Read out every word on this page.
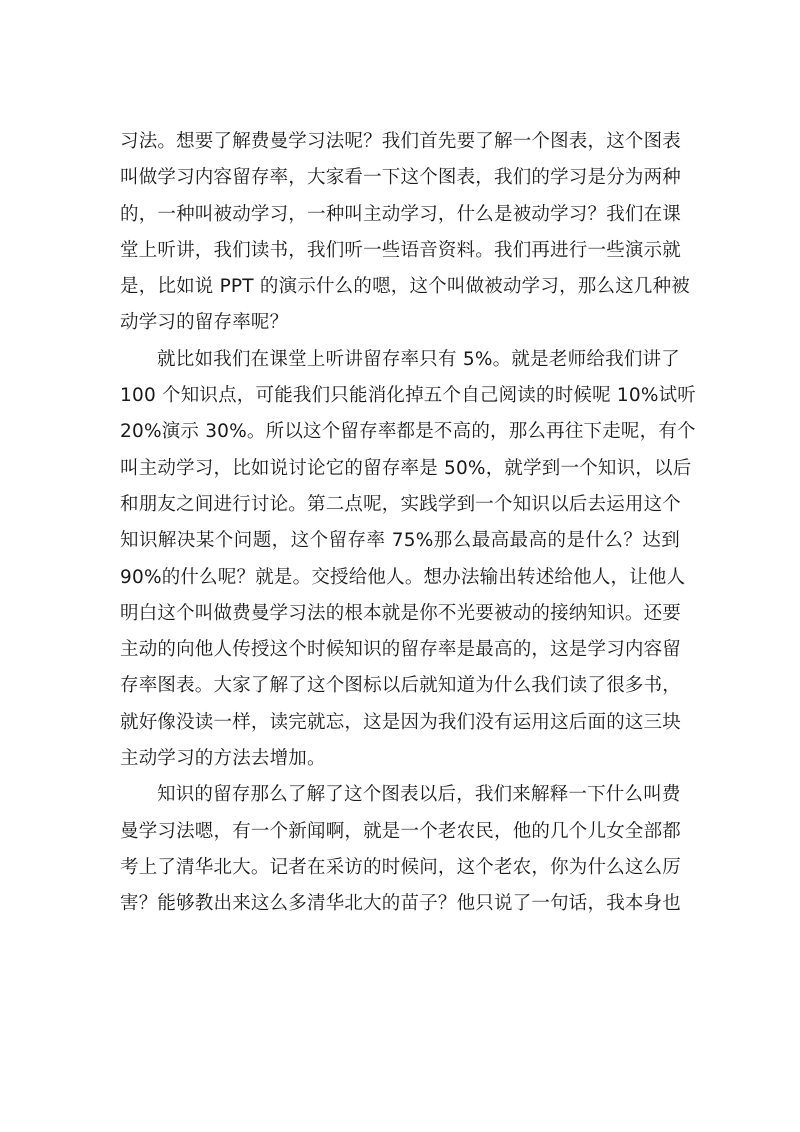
习法。想要了解费曼学习法呢？我们首先要了解一个图表，这个图表
叫做学习内容留存率，大家看一下这个图表，我们的学习是分为两种
的，一种叫被动学习，一种叫主动学习，什么是被动学习？我们在课
堂上听讲，我们读书，我们听一些语音资料。我们再进行一些演示就
是，比如说 PPT 的演示什么的嗯，这个叫做被动学习，那么这几种被
动学习的留存率呢？
就比如我们在课堂上听讲留存率只有 5%。就是老师给我们讲了
100 个知识点，可能我们只能消化掉五个自己阅读的时候呢 10%试听
20%演示 30%。所以这个留存率都是不高的，那么再往下走呢，有个
叫主动学习，比如说讨论它的留存率是 50%，就学到一个知识，以后
和朋友之间进行讨论。第二点呢，实践学到一个知识以后去运用这个
知识解决某个问题，这个留存率 75%那么最高最高的是什么？达到
90%的什么呢？就是。交授给他人。想办法输出转述给他人，让他人
明白这个叫做费曼学习法的根本就是你不光要被动的接纳知识。还要
主动的向他人传授这个时候知识的留存率是最高的，这是学习内容留
存率图表。大家了解了这个图标以后就知道为什么我们读了很多书，
就好像没读一样，读完就忘，这是因为我们没有运用这后面的这三块
主动学习的方法去增加。
知识的留存那么了解了这个图表以后，我们来解释一下什么叫费
曼学习法嗯，有一个新闻啊，就是一个老农民，他的几个儿女全部都
考上了清华北大。记者在采访的时候问，这个老农，你为什么这么厉
害？能够教出来这么多清华北大的苗子？他只说了一句话，我本身也
